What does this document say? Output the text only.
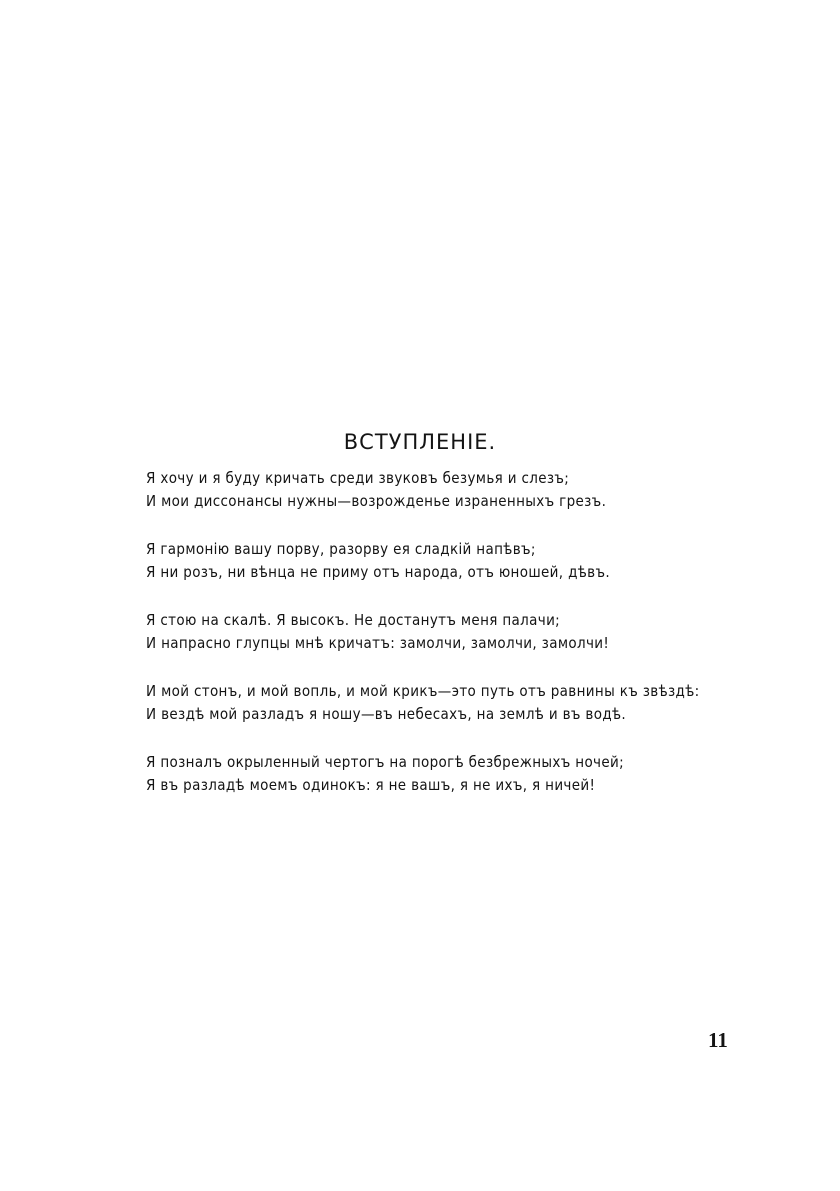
ВСТУПЛЕНІЕ.
Я хочу и я буду кричать среди звуковъ безумья и слезъ;
И мои диссонансы нужны—возрожденье израненныхъ грезъ.
Я гармонію вашу порву, разорву ея сладкій напѣвъ;
Я ни розъ, ни вѣнца не приму отъ народа, отъ юношей, дѣвъ.
Я стою на скалѣ. Я высокъ. Не достанутъ меня палачи;
И напрасно глупцы мнѣ кричатъ: замолчи, замолчи, замолчи!
И мой стонъ, и мой вопль, и мой крикъ—это путь отъ равнины къ звѣздѣ:
И вездѣ мой разладъ я ношу—въ небесахъ, на землѣ и въ водѣ.
Я позналъ окрыленный чертогъ на порогѣ безбрежныхъ ночей;
Я въ разладѣ моемъ одинокъ: я не вашъ, я не ихъ, я ничей!
11
